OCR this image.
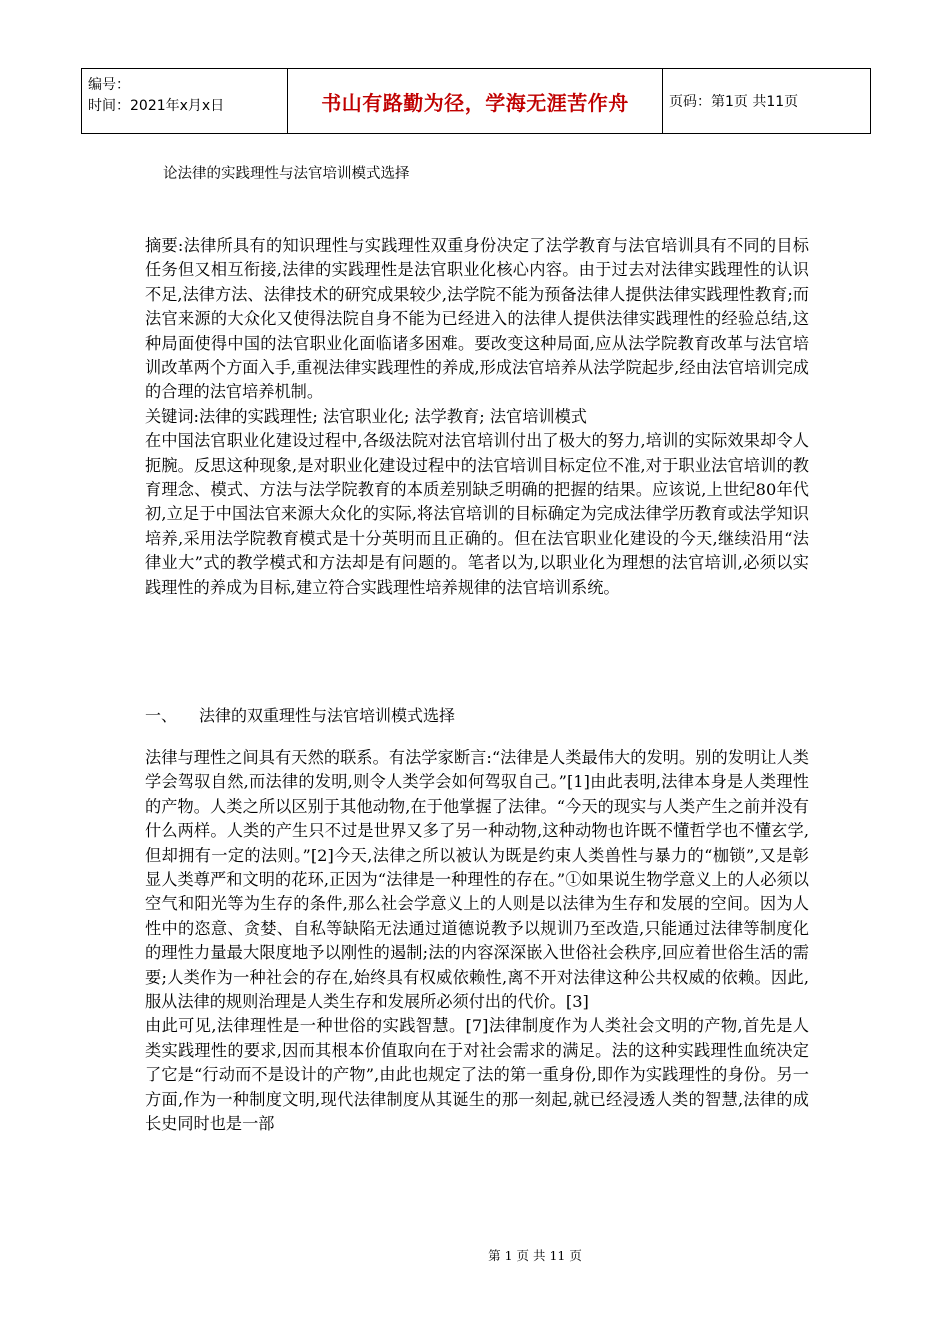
编号：
时间：2021年x月x日	书山有路勤为径，学海无涯苦作舟	页码：第1页 共11页
论法律的实践理性与法官培训模式选择

摘要:法律所具有的知识理性与实践理性双重身份决定了法学教育与法官培训具有不同的目标任务但又相互衔接,法律的实践理性是法官职业化核心内容。由于过去对法律实践理性的认识不足,法律方法、法律技术的研究成果较少,法学院不能为预备法律人提供法律实践理性教育;而法官来源的大众化又使得法院自身不能为已经进入的法律人提供法律实践理性的经验总结,这种局面使得中国的法官职业化面临诸多困难。要改变这种局面,应从法学院教育改革与法官培训改革两个方面入手,重视法律实践理性的养成,形成法官培养从法学院起步,经由法官培训完成的合理的法官培养机制。

关键词:法律的实践理性; 法官职业化; 法学教育; 法官培训模式

在中国法官职业化建设过程中,各级法院对法官培训付出了极大的努力,培训的实际效果却令人扼腕。反思这种现象,是对职业化建设过程中的法官培训目标定位不准,对于职业法官培训的教育理念、模式、方法与法学院教育的本质差别缺乏明确的把握的结果。应该说,上世纪80年代初,立足于中国法官来源大众化的实际,将法官培训的目标确定为完成法律学历教育或法学知识培养,采用法学院教育模式是十分英明而且正确的。但在法官职业化建设的今天,继续沿用“法律业大”式的教学模式和方法却是有问题的。笔者以为,以职业化为理想的法官培训,必须以实践理性的养成为目标,建立符合实践理性培养规律的法官培训系统。

一、 法律的双重理性与法官培训模式选择

法律与理性之间具有天然的联系。有法学家断言:“法律是人类最伟大的发明。别的发明让人类学会驾驭自然,而法律的发明,则令人类学会如何驾驭自己。”[1]由此表明,法律本身是人类理性的产物。人类之所以区别于其他动物,在于他掌握了法律。“今天的现实与人类产生之前并没有什么两样。人类的产生只不过是世界又多了另一种动物,这种动物也许既不懂哲学也不懂玄学,但却拥有一定的法则。”[2]今天,法律之所以被认为既是约束人类兽性与暴力的“枷锁”,又是彰显人类尊严和文明的花环,正因为“法律是一种理性的存在。”①如果说生物学意义上的人必须以空气和阳光等为生存的条件,那么社会学意义上的人则是以法律为生存和发展的空间。因为人性中的恣意、贪婪、自私等缺陷无法通过道德说教予以规训乃至改造,只能通过法律等制度化的理性力量最大限度地予以刚性的遏制;法的内容深深嵌入世俗社会秩序,回应着世俗生活的需要;人类作为一种社会的存在,始终具有权威依赖性,离不开对法律这种公共权威的依赖。因此,服从法律的规则治理是人类生存和发展所必须付出的代价。[3]

由此可见,法律理性是一种世俗的实践智慧。[7]法律制度作为人类社会文明的产物,首先是人类实践理性的要求,因而其根本价值取向在于对社会需求的满足。法的这种实践理性血统决定了它是“行动而不是设计的产物”,由此也规定了法的第一重身份,即作为实践理性的身份。另一方面,作为一种制度文明,现代法律制度从其诞生的那一刻起,就已经浸透人类的智慧,法律的成长史同时也是一部

第 1 页 共 11 页
